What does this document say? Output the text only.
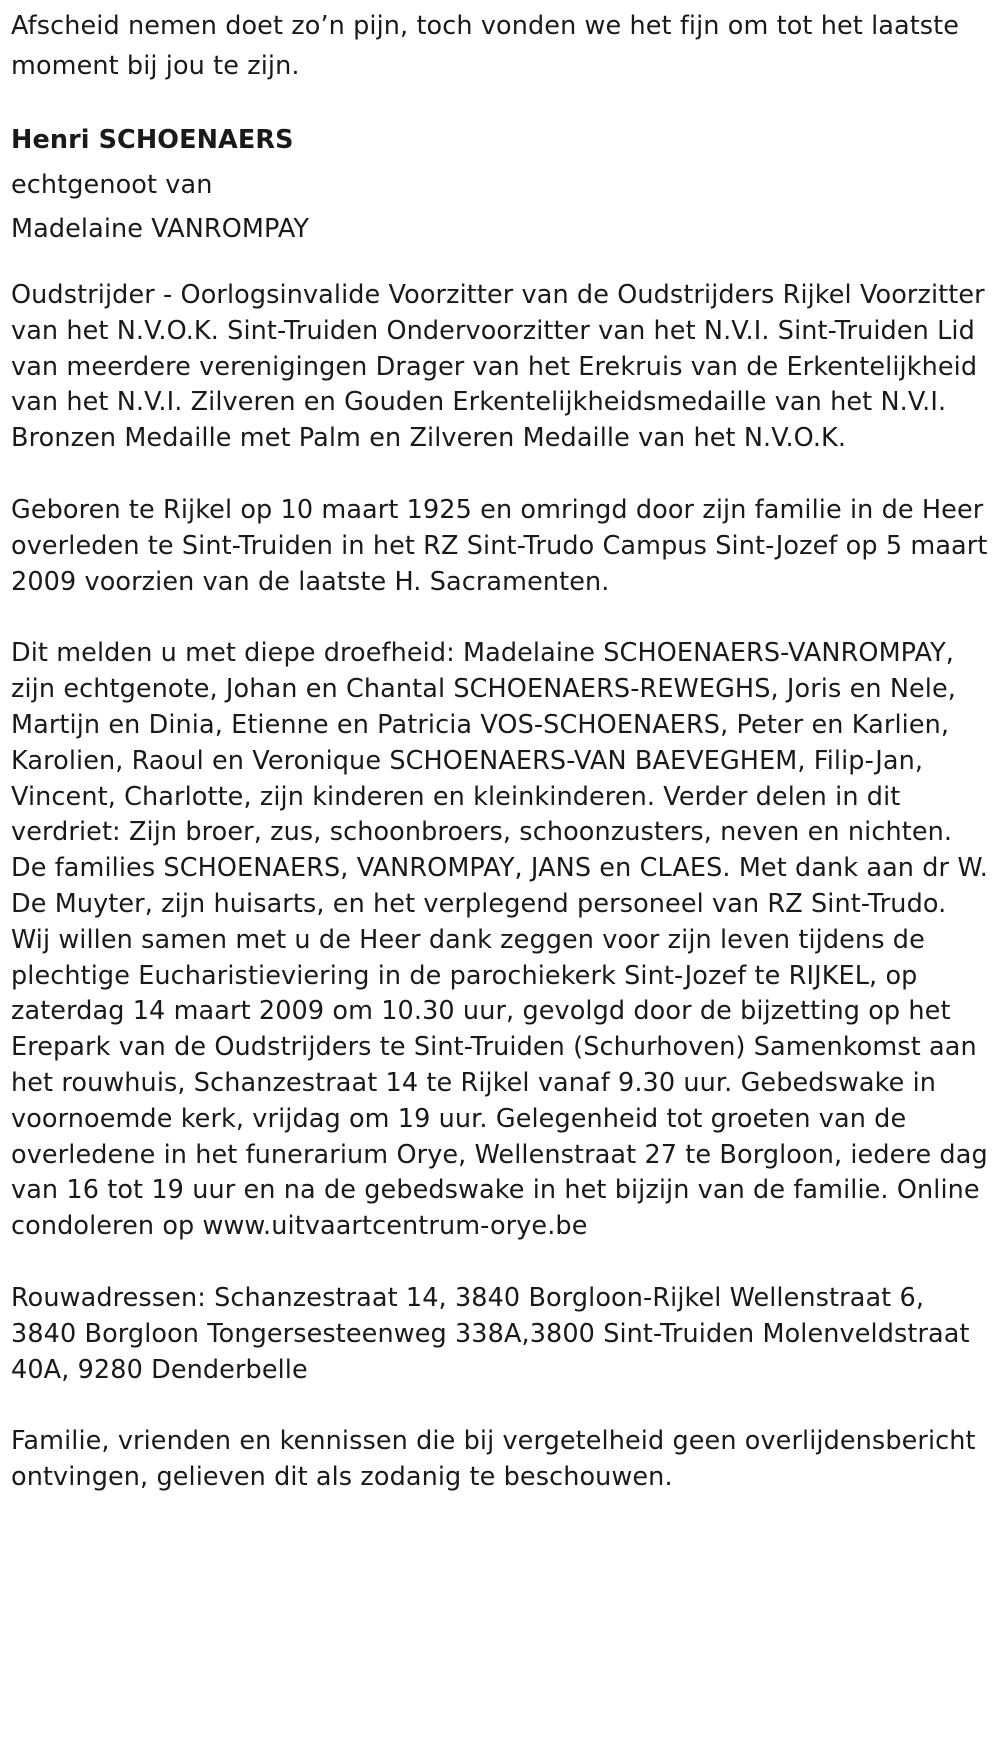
Afscheid nemen doet zo’n pijn, toch vonden we het fijn om tot het laatste moment bij jou te zijn.

Henri SCHOENAERS

echtgenoot van

Madelaine VANROMPAY

Oudstrijder - Oorlogsinvalide Voorzitter van de Oudstrijders Rijkel Voorzitter van het N.V.O.K. Sint-Truiden Ondervoorzitter van het N.V.I. Sint-Truiden Lid van meerdere verenigingen Drager van het Erekruis van de Erkentelijkheid van het N.V.I. Zilveren en Gouden Erkentelijkheidsmedaille van het N.V.I. Bronzen Medaille met Palm en Zilveren Medaille van het N.V.O.K.

Geboren te Rijkel op 10 maart 1925 en omringd door zijn familie in de Heer overleden te Sint-Truiden in het RZ Sint-Trudo Campus Sint-Jozef op 5 maart 2009 voorzien van de laatste H. Sacramenten.

Dit melden u met diepe droefheid: Madelaine SCHOENAERS-VANROMPAY, zijn echtgenote, Johan en Chantal SCHOENAERS-REWEGHS, Joris en Nele, Martijn en Dinia, Etienne en Patricia VOS-SCHOENAERS, Peter en Karlien, Karolien, Raoul en Veronique SCHOENAERS-VAN BAEVEGHEM, Filip-Jan, Vincent, Charlotte, zijn kinderen en kleinkinderen. Verder delen in dit verdriet: Zijn broer, zus, schoonbroers, schoonzusters, neven en nichten. De families SCHOENAERS, VANROMPAY, JANS en CLAES. Met dank aan dr W. De Muyter, zijn huisarts, en het verplegend personeel van RZ Sint-Trudo. Wij willen samen met u de Heer dank zeggen voor zijn leven tijdens de plechtige Eucharistieviering in de parochiekerk Sint-Jozef te RIJKEL, op zaterdag 14 maart 2009 om 10.30 uur, gevolgd door de bijzetting op het Erepark van de Oudstrijders te Sint-Truiden (Schurhoven) Samenkomst aan het rouwhuis, Schanzestraat 14 te Rijkel vanaf 9.30 uur. Gebedswake in voornoemde kerk, vrijdag om 19 uur. Gelegenheid tot groeten van de overledene in het funerarium Orye, Wellenstraat 27 te Borgloon, iedere dag van 16 tot 19 uur en na de gebedswake in het bijzijn van de familie. Online condoleren op www.uitvaartcentrum-orye.be

Rouwadressen: Schanzestraat 14, 3840 Borgloon-Rijkel Wellenstraat 6, 3840 Borgloon Tongersesteenweg 338A,3800 Sint-Truiden Molenveldstraat 40A, 9280 Denderbelle

Familie, vrienden en kennissen die bij vergetelheid geen overlijdensbericht ontvingen, gelieven dit als zodanig te beschouwen.
